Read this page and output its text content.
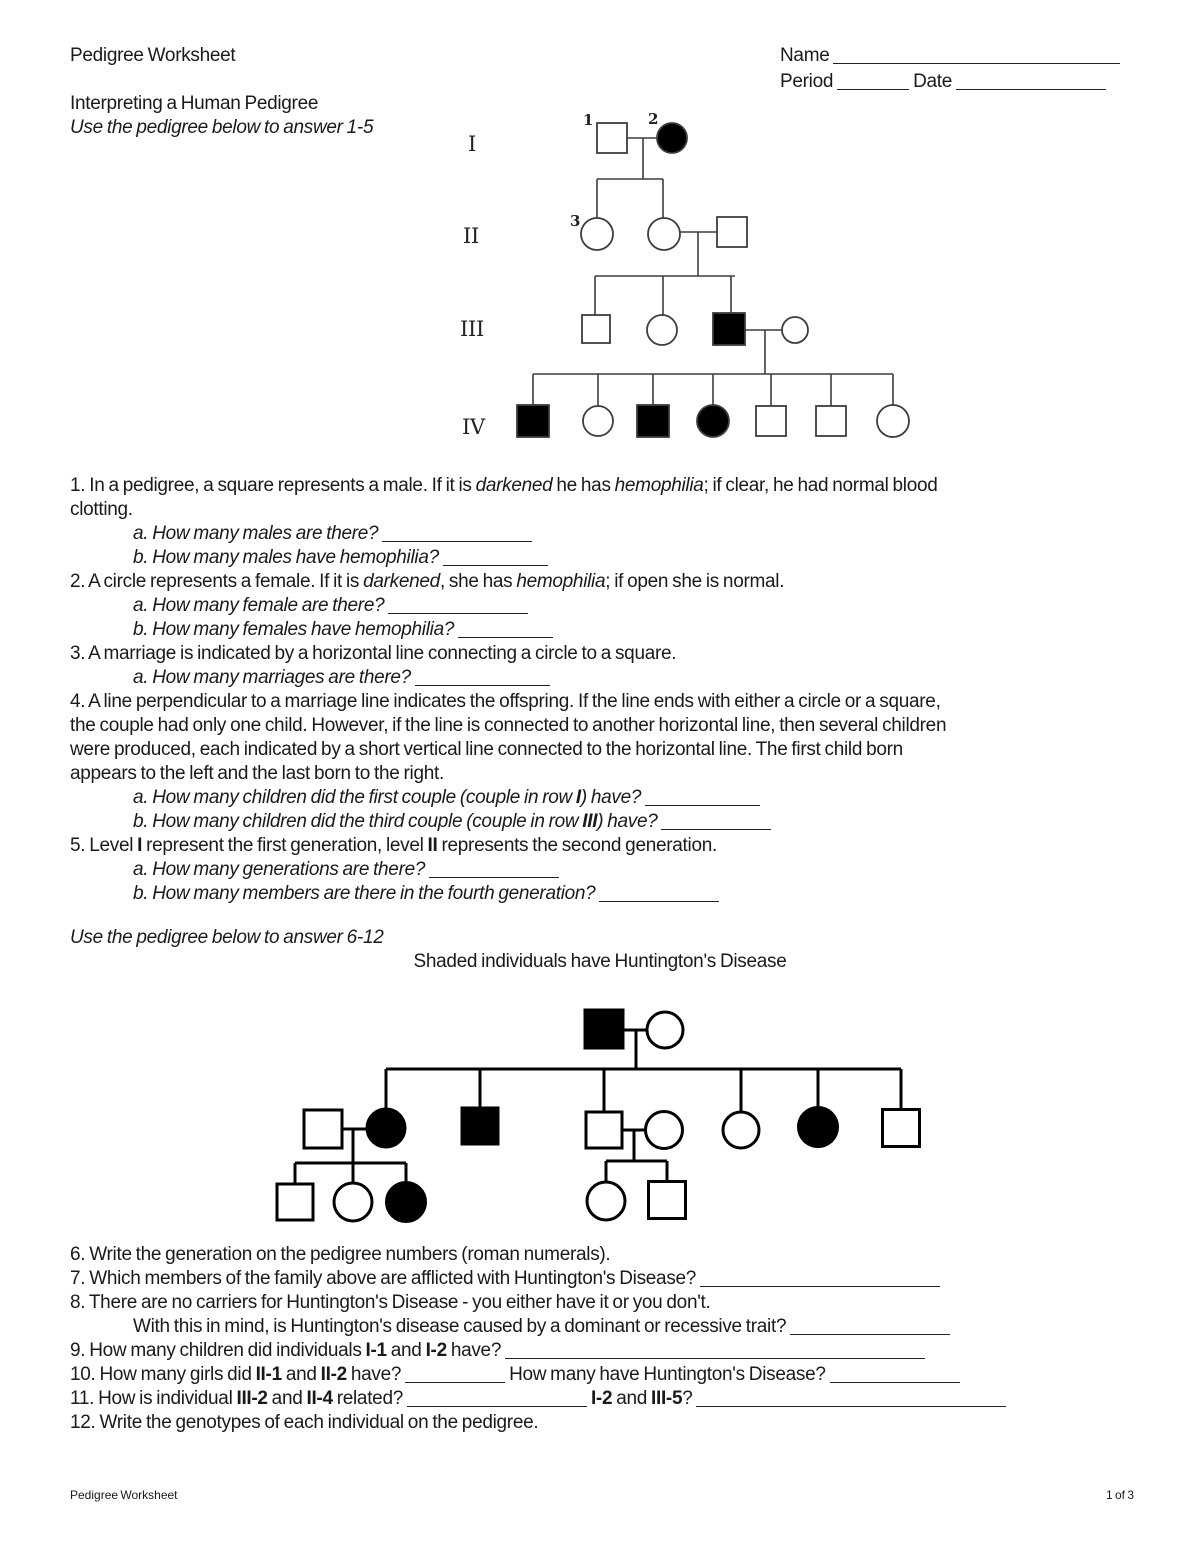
Pedigree Worksheet	Name
Period	Date
Interpreting a Human Pedigree
Use the pedigree below to answer 1-5
I
II
III
IV
1	2
3
1. In a pedigree, a square represents a male. If it is darkened he has hemophilia; if clear, he had normal blood
clotting.
a. How many males are there?
b. How many males have hemophilia?
2. A circle represents a female. If it is darkened, she has hemophilia; if open she is normal.
a. How many female are there?
b. How many females have hemophilia?
3. A marriage is indicated by a horizontal line connecting a circle to a square.
a. How many marriages are there?
4. A line perpendicular to a marriage line indicates the offspring. If the line ends with either a circle or a square,
the couple had only one child. However, if the line is connected to another horizontal line, then several children
were produced, each indicated by a short vertical line connected to the horizontal line. The first child born
appears to the left and the last born to the right.
a. How many children did the first couple (couple in row I) have?
b. How many children did the third couple (couple in row III) have?
5. Level I represent the first generation, level II represents the second generation.
a. How many generations are there?
b. How many members are there in the fourth generation?
Use the pedigree below to answer 6-12
Shaded individuals have Huntington's Disease
6. Write the generation on the pedigree numbers (roman numerals).
7. Which members of the family above are afflicted with Huntington's Disease?
8. There are no carriers for Huntington's Disease - you either have it or you don't.
With this in mind, is Huntington's disease caused by a dominant or recessive trait?
9. How many children did individuals I-1 and I-2 have?
10. How many girls did II-1 and II-2 have?	How many have Huntington's Disease?
11. How is individual III-2 and II-4 related?	I-2 and III-5?
12. Write the genotypes of each individual on the pedigree.
Pedigree Worksheet	1 of 3
